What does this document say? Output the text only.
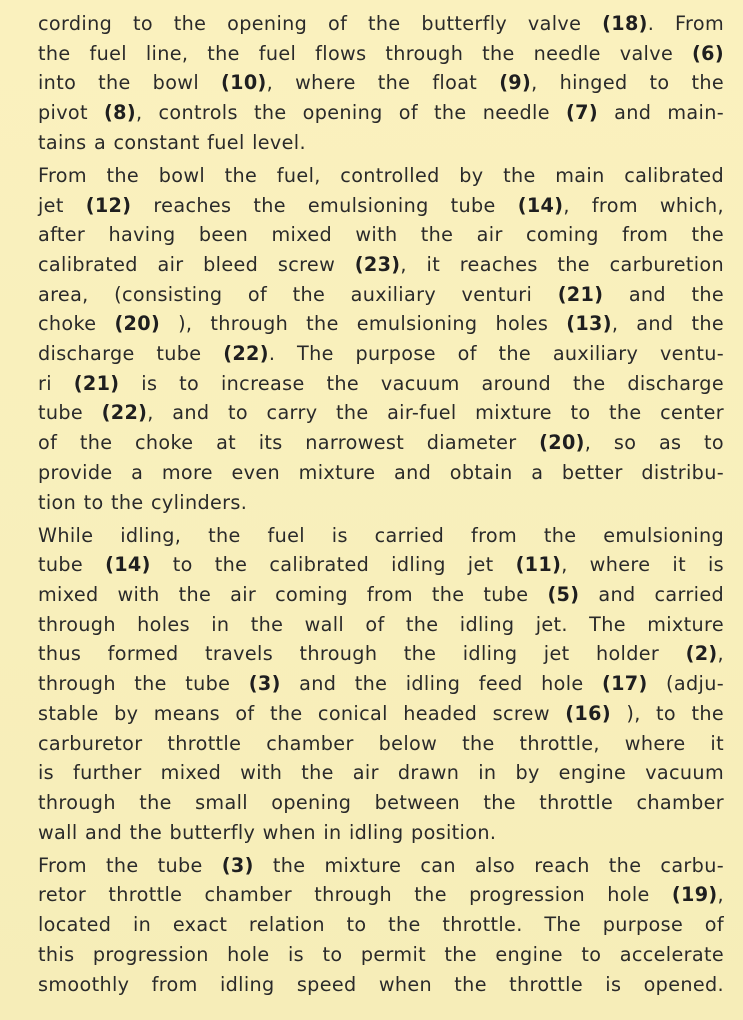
cording to the opening of the butterfly valve (18). From
the fuel line, the fuel flows through the needle valve (6)
into the bowl (10), where the float (9), hinged to the
pivot (8), controls the opening of the needle (7) and main-
tains a constant fuel level.
From the bowl the fuel, controlled by the main calibrated
jet (12) reaches the emulsioning tube (14), from which,
after having been mixed with the air coming from the
calibrated air bleed screw (23), it reaches the carburetion
area, (consisting of the auxiliary venturi (21) and the
choke (20) ), through the emulsioning holes (13), and the
discharge tube (22). The purpose of the auxiliary ventu-
ri (21) is to increase the vacuum around the discharge
tube (22), and to carry the air-fuel mixture to the center
of the choke at its narrowest diameter (20), so as to
provide a more even mixture and obtain a better distribu-
tion to the cylinders.
While idling, the fuel is carried from the emulsioning
tube (14) to the calibrated idling jet (11), where it is
mixed with the air coming from the tube (5) and carried
through holes in the wall of the idling jet. The mixture
thus formed travels through the idling jet holder (2),
through the tube (3) and the idling feed hole (17) (adju-
stable by means of the conical headed screw (16) ), to the
carburetor throttle chamber below the throttle, where it
is further mixed with the air drawn in by engine vacuum
through the small opening between the throttle chamber
wall and the butterfly when in idling position.
From the tube (3) the mixture can also reach the carbu-
retor throttle chamber through the progression hole (19),
located in exact relation to the throttle. The purpose of
this progression hole is to permit the engine to accelerate
smoothly from idling speed when the throttle is opened.
